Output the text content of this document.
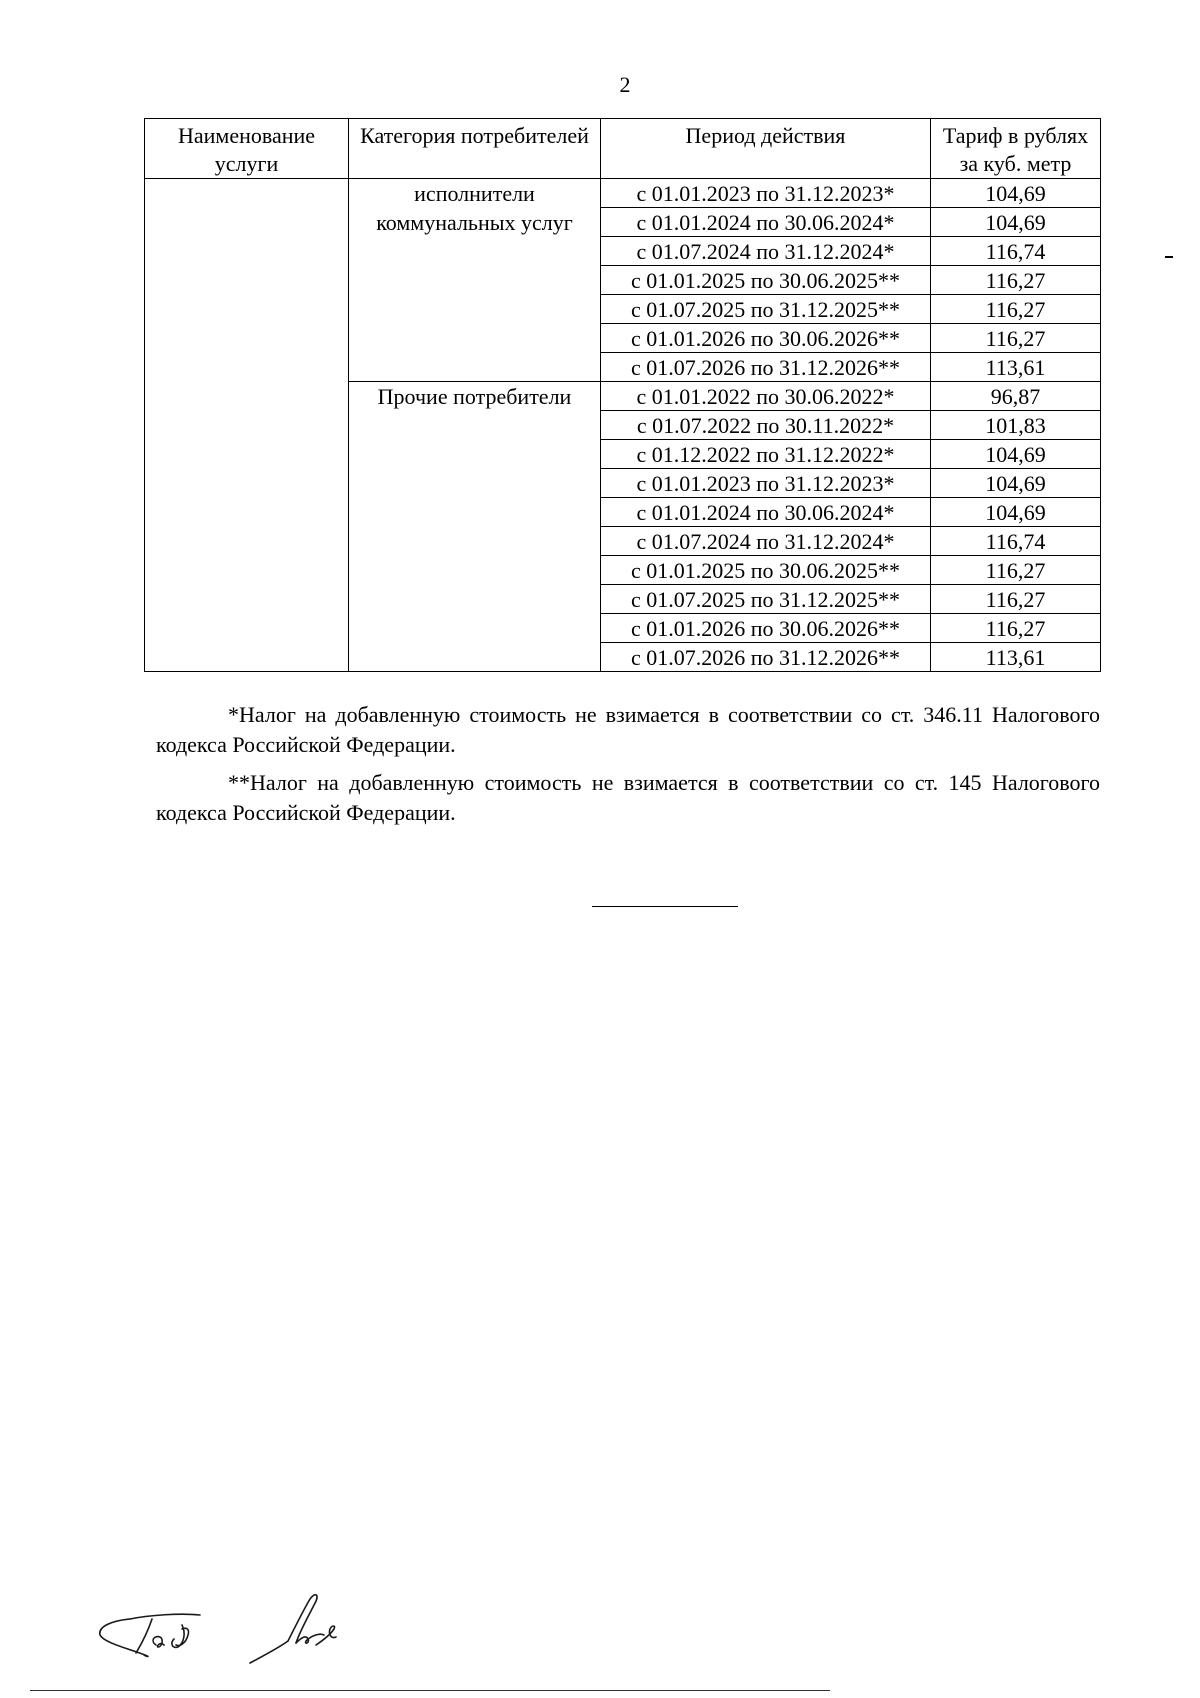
2
Наименование услуги	Категория потребителей	Период действия	Тариф в рублях за куб. метр
	исполнители коммунальных услуг	с 01.01.2023 по 31.12.2023*	104,69
		с 01.01.2024 по 30.06.2024*	104,69
		с 01.07.2024 по 31.12.2024*	116,74
		с 01.01.2025 по 30.06.2025**	116,27
		с 01.07.2025 по 31.12.2025**	116,27
		с 01.01.2026 по 30.06.2026**	116,27
		с 01.07.2026 по 31.12.2026**	113,61
	Прочие потребители	с 01.01.2022 по 30.06.2022*	96,87
		с 01.07.2022 по 30.11.2022*	101,83
		с 01.12.2022 по 31.12.2022*	104,69
		с 01.01.2023 по 31.12.2023*	104,69
		с 01.01.2024 по 30.06.2024*	104,69
		с 01.07.2024 по 31.12.2024*	116,74
		с 01.01.2025 по 30.06.2025**	116,27
		с 01.07.2025 по 31.12.2025**	116,27
		с 01.01.2026 по 30.06.2026**	116,27
		с 01.07.2026 по 31.12.2026**	113,61

*Налог на добавленную стоимость не взимается в соответствии со ст. 346.11 Налогового кодекса Российской Федерации.

**Налог на добавленную стоимость не взимается в соответствии со ст. 145 Налогового кодекса Российской Федерации.
